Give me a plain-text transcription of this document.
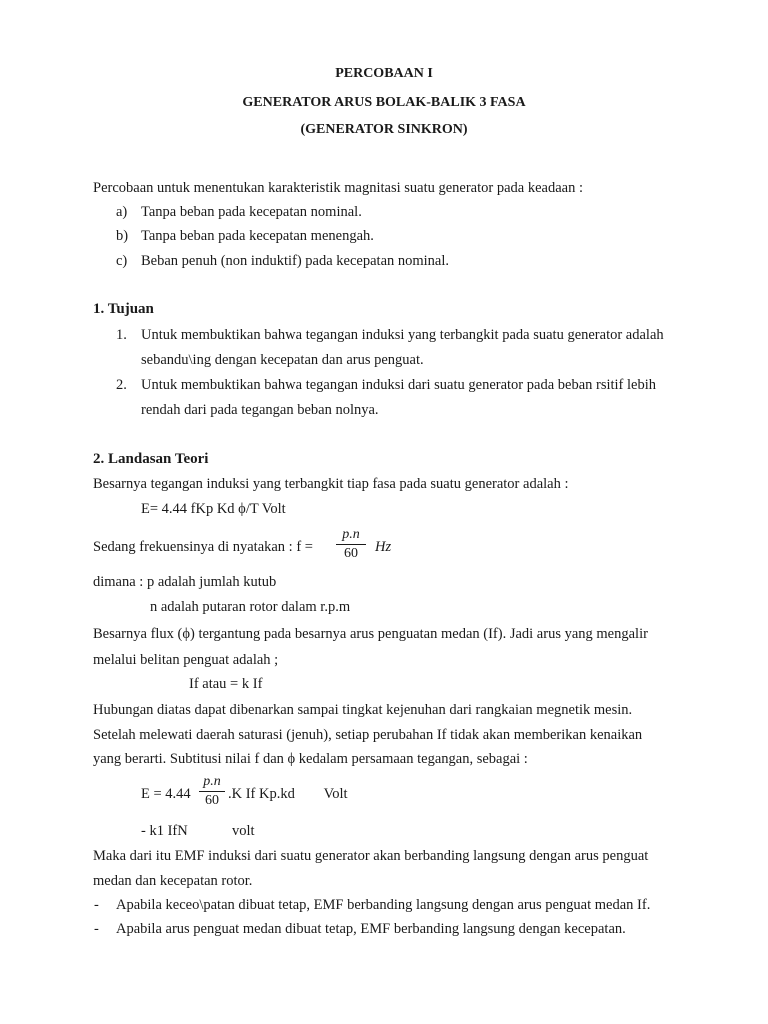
PERCOBAAN I
GENERATOR ARUS BOLAK-BALIK 3 FASA
(GENERATOR SINKRON)
Percobaan untuk menentukan karakteristik magnitasi suatu generator pada keadaan :
a) Tanpa beban pada kecepatan nominal.
b) Tanpa beban pada kecepatan menengah.
c) Beban penuh (non induktif) pada kecepatan nominal.
1. Tujuan
1. Untuk membuktikan bahwa tegangan induksi yang terbangkit pada suatu generator adalah
sebandu\ing dengan kecepatan dan arus penguat.
2. Untuk membuktikan bahwa tegangan induksi dari suatu generator pada beban rsitif lebih
rendah dari pada tegangan beban nolnya.
2. Landasan Teori
Besarnya tegangan induksi yang terbangkit tiap fasa pada suatu generator adalah :
E= 4.44 fKp Kd ϕ/T Volt
Sedang frekuensinya di nyatakan : $f = \frac{p.n}{60}$ Hz
dimana : p adalah jumlah kutub
n adalah putaran rotor dalam r.p.m
Besarnya flux (ϕ) tergantung pada besarnya arus penguatan medan (If). Jadi arus yang mengalir
melalui belitan penguat adalah ;
If atau = k If
Hubungan diatas dapat dibenarkan sampai tingkat kejenuhan dari rangkaian megnetik mesin.
Setelah melewati daerah saturasi (jenuh), setiap perubahan If tidak akan memberikan kenaikan
yang berarti. Subtitusi nilai f dan ϕ kedalam persamaan tegangan, sebagai :
$E = 4.44 \frac{p.n}{60} .K$ If Kp.kd        Volt
- k1 IfN	volt
Maka dari itu EMF induksi dari suatu generator akan berbanding langsung dengan arus penguat
medan dan kecepatan rotor.
- Apabila keceo\patan dibuat tetap, EMF berbanding langsung dengan arus penguat medan If.
- Apabila arus penguat medan dibuat tetap, EMF berbanding langsung dengan kecepatan.
